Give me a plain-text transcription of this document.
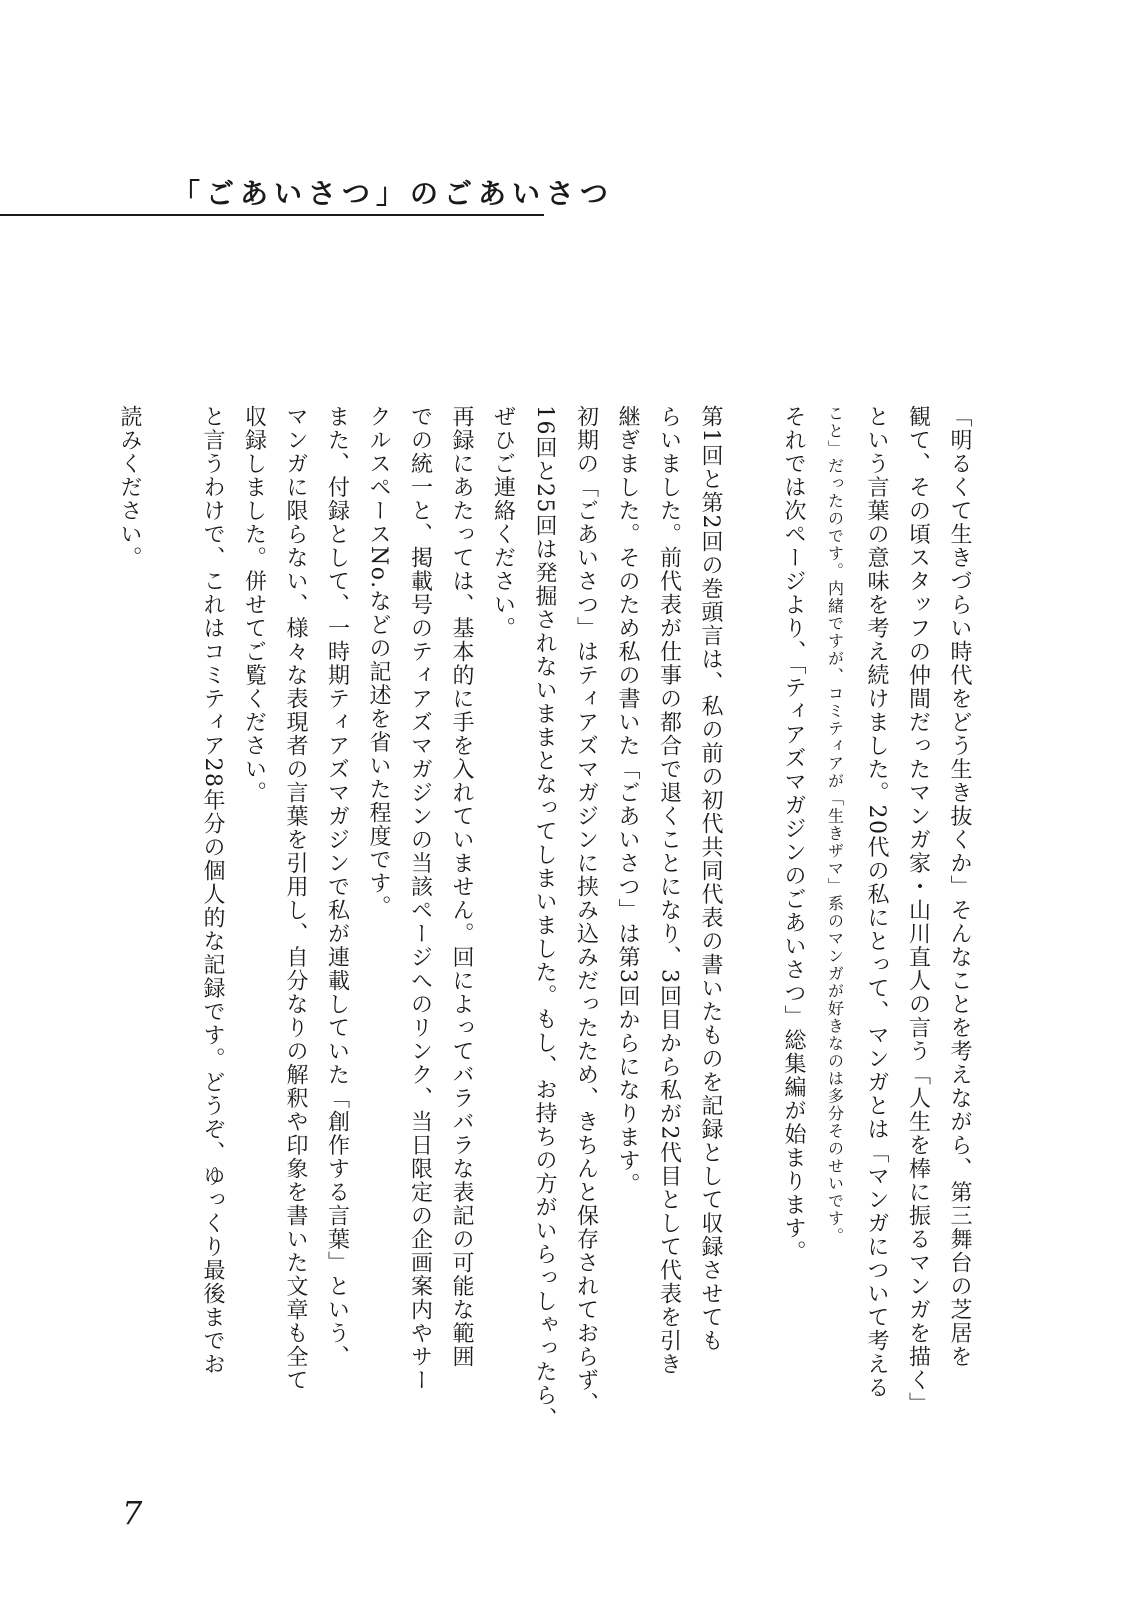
「ごあいさつ」のごあいさつ

「明るくて生きづらい時代をどう生き抜くか」そんなことを考えながら、第三舞台の芝居を

観て、その頃スタッフの仲間だったマンガ家・山川直人の言う「人生を棒に振るマンガを描く」

という言葉の意味を考え続けました。20代の私にとって、マンガとは「マンガについて考える

こと」だったのです。内緒ですが、コミティアが「生きザマ」系のマンガが好きなのは多分そのせいです。

それでは次ページより、「ティアズマガジンのごあいさつ」総集編が始まります。

第1回と第2回の巻頭言は、私の前の初代共同代表の書いたものを記録として収録させても

らいました。前代表が仕事の都合で退くことになり、3回目から私が2代目として代表を引き

継ぎました。そのため私の書いた「ごあいさつ」は第3回からになります。

初期の「ごあいさつ」はティアズマガジンに挟み込みだったため、きちんと保存されておらず、

16回と25回は発掘されないままとなってしまいました。もし、お持ちの方がいらっしゃったら、

ぜひご連絡ください。

再録にあたっては、基本的に手を入れていません。回によってバラバラな表記の可能な範囲

での統一と、掲載号のティアズマガジンの当該ページへのリンク、当日限定の企画案内やサー

クルスペースNo.などの記述を省いた程度です。

また、付録として、一時期ティアズマガジンで私が連載していた「創作する言葉」という、

マンガに限らない、様々な表現者の言葉を引用し、自分なりの解釈や印象を書いた文章も全て

収録しました。併せてご覧ください。

と言うわけで、これはコミティア28年分の個人的な記録です。どうぞ、ゆっくり最後までお

読みください。

7
